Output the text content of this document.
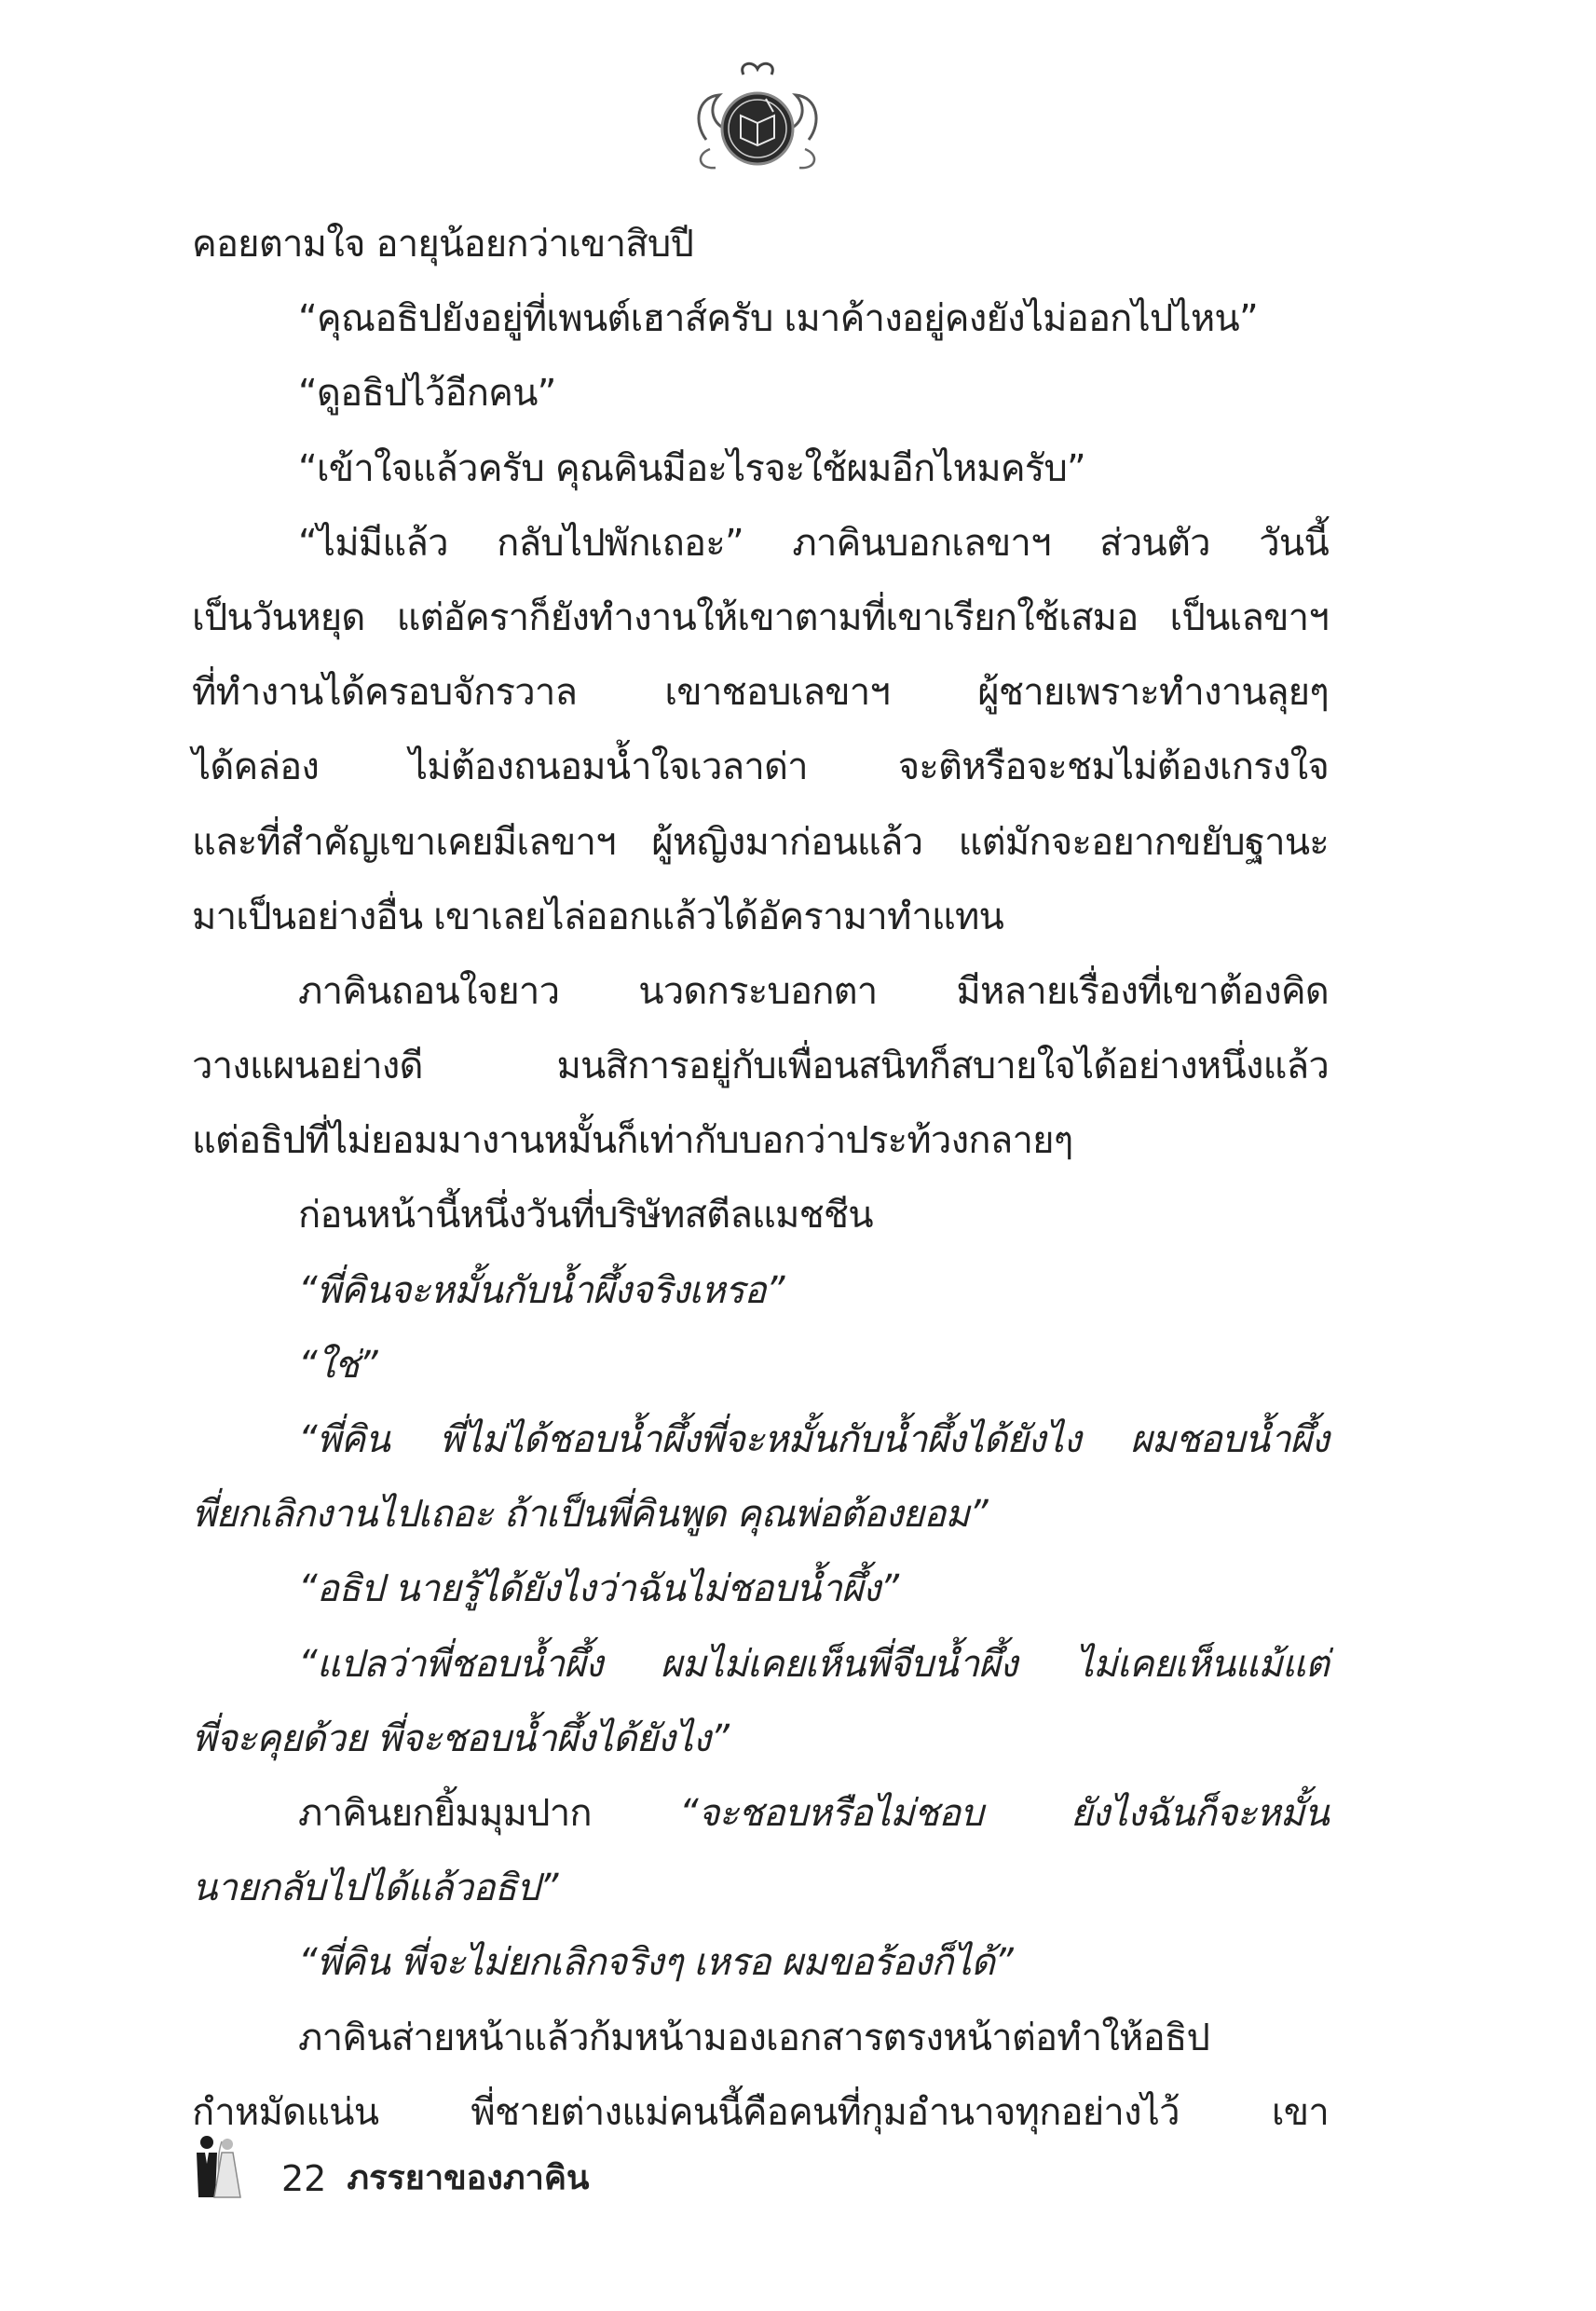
คอยตามใจ อายุน้อยกว่าเขาสิบปี
“คุณอธิปยังอยู่ที่เพนต์เฮาส์ครับ เมาค้างอยู่คงยังไม่ออกไปไหน”
“ดูอธิปไว้อีกคน”
“เข้าใจแล้วครับ คุณคินมีอะไรจะใช้ผมอีกไหมครับ”
“ไม่มีแล้ว กลับไปพักเถอะ” ภาคินบอกเลขาฯ ส่วนตัว วันนี้
เป็นวันหยุด แต่อัคราก็ยังทำงานให้เขาตามที่เขาเรียกใช้เสมอ เป็นเลขาฯ
ที่ทำงานได้ครอบจักรวาล เขาชอบเลขาฯ ผู้ชายเพราะทำงานลุยๆ
ได้คล่อง ไม่ต้องถนอมน้ำใจเวลาด่า จะติหรือจะชมไม่ต้องเกรงใจ
และที่สำคัญเขาเคยมีเลขาฯ ผู้หญิงมาก่อนแล้ว แต่มักจะอยากขยับฐานะ
มาเป็นอย่างอื่น เขาเลยไล่ออกแล้วได้อัครามาทำแทน
ภาคินถอนใจยาว นวดกระบอกตา มีหลายเรื่องที่เขาต้องคิด
วางแผนอย่างดี มนสิการอยู่กับเพื่อนสนิทก็สบายใจได้อย่างหนึ่งแล้ว
แต่อธิปที่ไม่ยอมมางานหมั้นก็เท่ากับบอกว่าประท้วงกลายๆ
ก่อนหน้านี้หนึ่งวันที่บริษัทสตีลแมชชีน
“พี่คินจะหมั้นกับน้ำผึ้งจริงเหรอ”
“ใช่”
“พี่คิน พี่ไม่ได้ชอบน้ำผึ้งพี่จะหมั้นกับน้ำผึ้งได้ยังไง ผมชอบน้ำผึ้ง
พี่ยกเลิกงานไปเถอะ ถ้าเป็นพี่คินพูด คุณพ่อต้องยอม”
“อธิป นายรู้ได้ยังไงว่าฉันไม่ชอบน้ำผึ้ง”
“แปลว่าพี่ชอบน้ำผึ้ง ผมไม่เคยเห็นพี่จีบน้ำผึ้ง ไม่เคยเห็นแม้แต่
พี่จะคุยด้วย พี่จะชอบน้ำผึ้งได้ยังไง”
ภาคินยกยิ้มมุมปาก “จะชอบหรือไม่ชอบ ยังไงฉันก็จะหมั้น
นายกลับไปได้แล้วอธิป”
“พี่คิน พี่จะไม่ยกเลิกจริงๆ เหรอ ผมขอร้องก็ได้”
ภาคินส่ายหน้าแล้วก้มหน้ามองเอกสารตรงหน้าต่อทำให้อธิป
กำหมัดแน่น พี่ชายต่างแม่คนนี้คือคนที่กุมอำนาจทุกอย่างไว้ เขา
22 ภรรยาของภาคิน
